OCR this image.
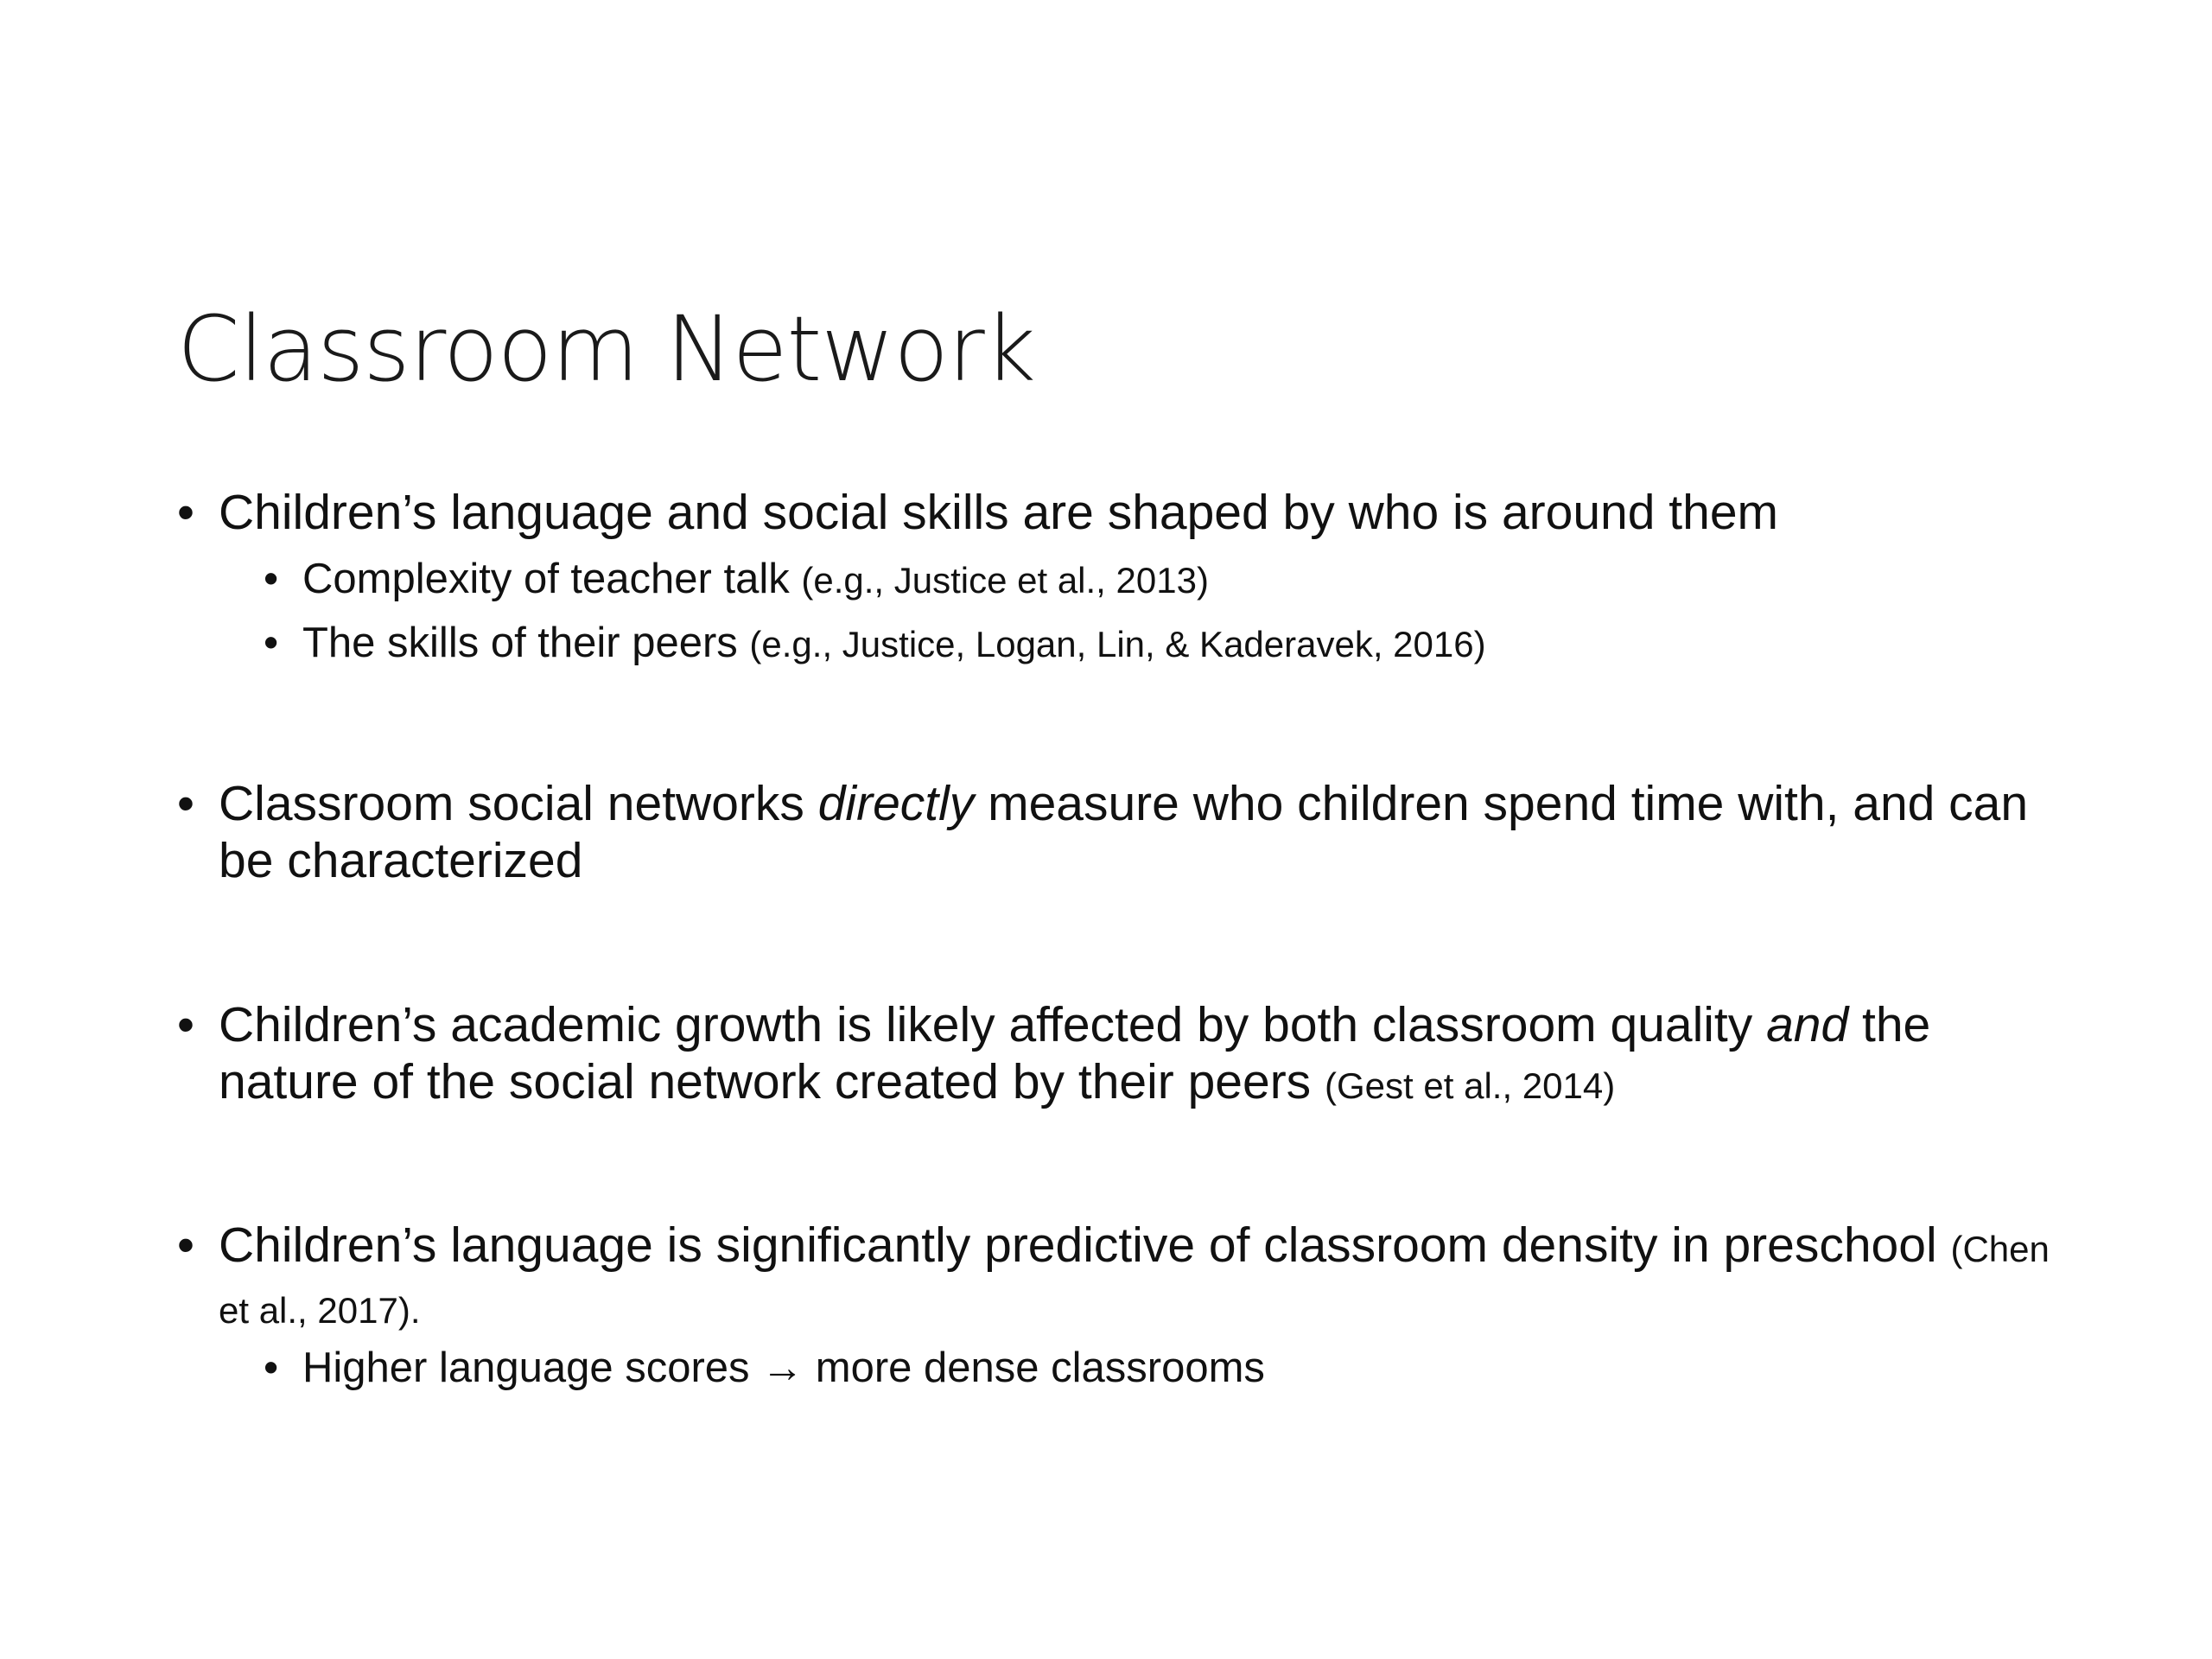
Classroom Network
• Children’s language and social skills are shaped by who is around them
• Complexity of teacher talk (e.g., Justice et al., 2013)
• The skills of their peers (e.g., Justice, Logan, Lin, & Kaderavek, 2016)
• Classroom social networks directly measure who children spend time with, and can be characterized
• Children’s academic growth is likely affected by both classroom quality and the nature of the social network created by their peers (Gest et al., 2014)
• Children’s language is significantly predictive of classroom density in preschool (Chen et al., 2017).
• Higher language scores → more dense classrooms
